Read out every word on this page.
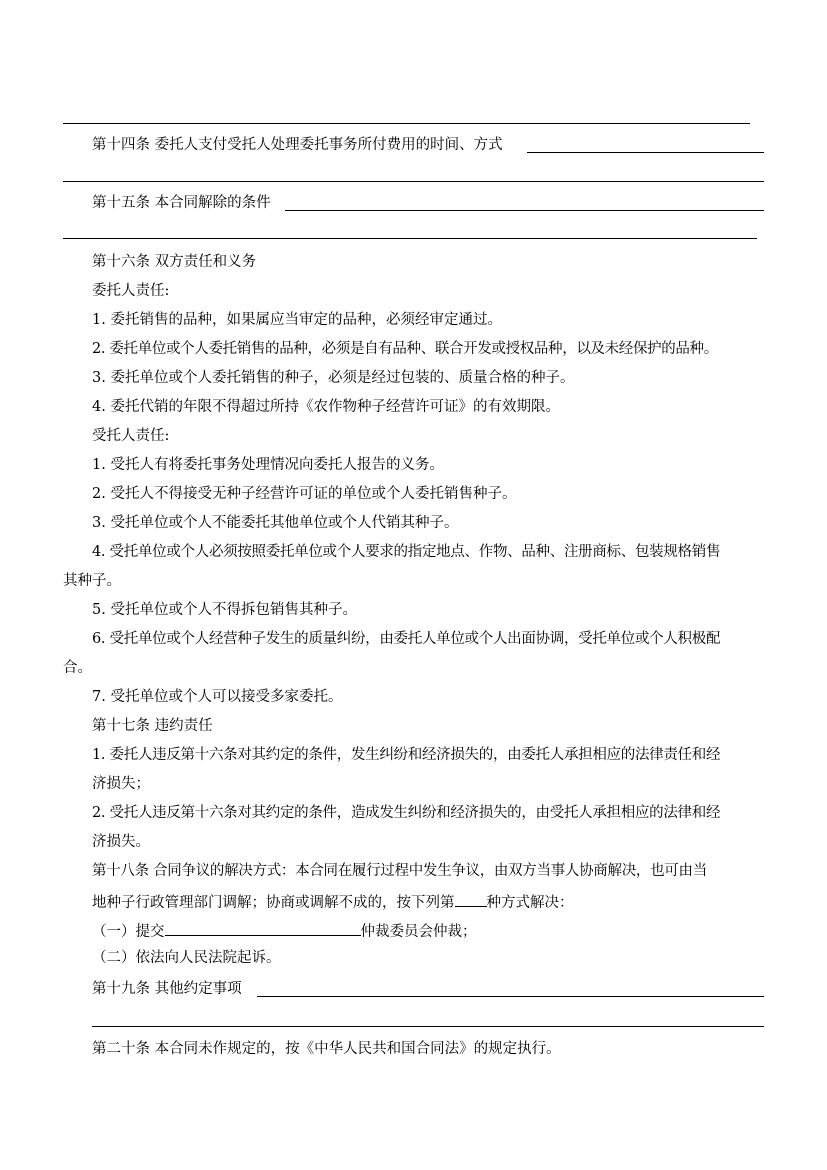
第十四条 委托人支付受托人处理委托事务所付费用的时间、方式
第十五条 本合同解除的条件
第十六条 双方责任和义务
委托人责任:
1. 委托销售的品种，如果属应当审定的品种，必须经审定通过。
2. 委托单位或个人委托销售的品种，必须是自有品种、联合开发或授权品种，以及未经保护的品种。
3. 委托单位或个人委托销售的种子，必须是经过包装的、质量合格的种子。
4. 委托代销的年限不得超过所持《农作物种子经营许可证》的有效期限。
受托人责任:
1. 受托人有将委托事务处理情况向委托人报告的义务。
2. 受托人不得接受无种子经营许可证的单位或个人委托销售种子。
3. 受托单位或个人不能委托其他单位或个人代销其种子。
4. 受托单位或个人必须按照委托单位或个人要求的指定地点、作物、品种、注册商标、包装规格销售
其种子。
5. 受托单位或个人不得拆包销售其种子。
6. 受托单位或个人经营种子发生的质量纠纷，由委托人单位或个人出面协调，受托单位或个人积极配
合。
7. 受托单位或个人可以接受多家委托。
第十七条 违约责任
1. 委托人违反第十六条对其约定的条件，发生纠纷和经济损失的，由委托人承担相应的法律责任和经
济损失；
2. 受托人违反第十六条对其约定的条件，造成发生纠纷和经济损失的，由受托人承担相应的法律和经
济损失。
第十八条 合同争议的解决方式：本合同在履行过程中发生争议，由双方当事人协商解决，也可由当
地种子行政管理部门调解；协商或调解不成的，按下列第 种方式解决：
（一）提交	仲裁委员会仲裁；
（二）依法向人民法院起诉。
第十九条 其他约定事项
第二十条 本合同未作规定的，按《中华人民共和国合同法》的规定执行。
